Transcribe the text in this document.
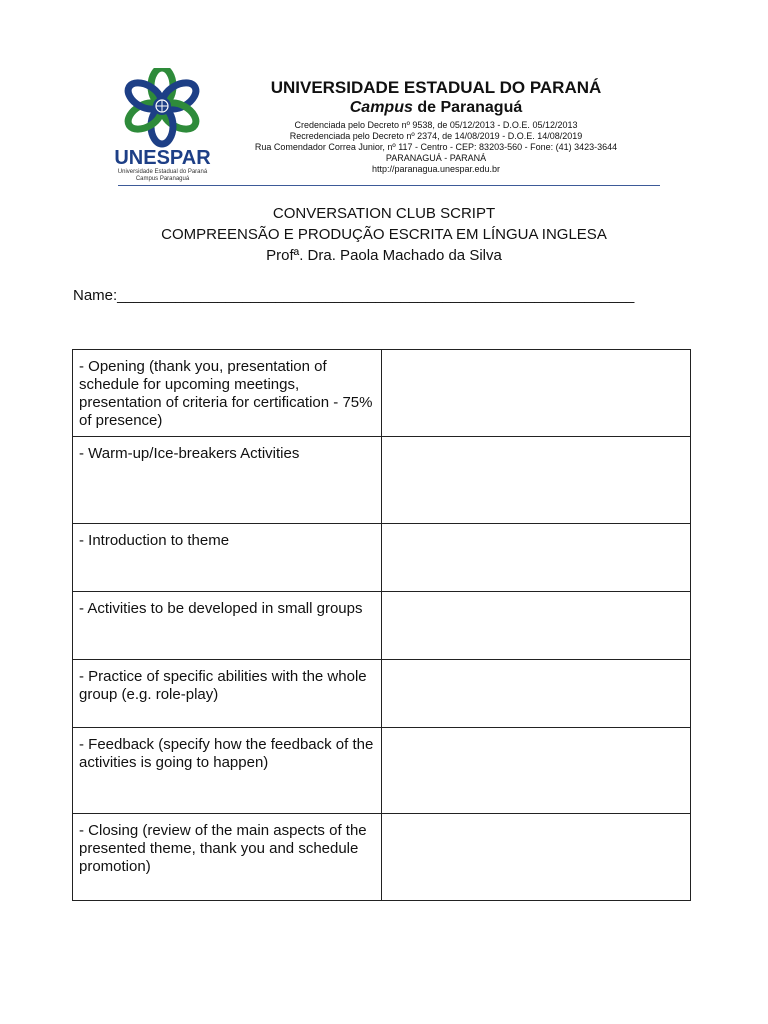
UNESPAR
Universidade Estadual do Paraná
Campus Paranaguá

UNIVERSIDADE ESTADUAL DO PARANÁ

Campus de Paranaguá

Credenciada pelo Decreto nº 9538, de 05/12/2013 - D.O.E. 05/12/2013

Recredenciada pelo Decreto nº 2374, de 14/08/2019 - D.O.E. 14/08/2019

Rua Comendador Correa Junior, nº 117 - Centro - CEP: 83203-560 - Fone: (41) 3423-3644

PARANAGUÁ - PARANÁ

http://paranagua.unespar.edu.br

CONVERSATION CLUB SCRIPT

COMPREENSÃO E PRODUÇÃO ESCRITA EM LÍNGUA INGLESA

Profª. Dra. Paola Machado da Silva

Name:______________________________________________________________
- Opening (thank you, presentation of schedule for upcoming meetings, presentation of criteria for certification - 75% of presence)	
- Warm-up/Ice-breakers Activities	
- Introduction to theme	
- Activities to be developed in small groups	
- Practice of specific abilities with the whole group (e.g. role-play)	
- Feedback (specify how the feedback of the activities is going to happen)	
- Closing (review of the main aspects of the presented theme, thank you and schedule promotion)	
